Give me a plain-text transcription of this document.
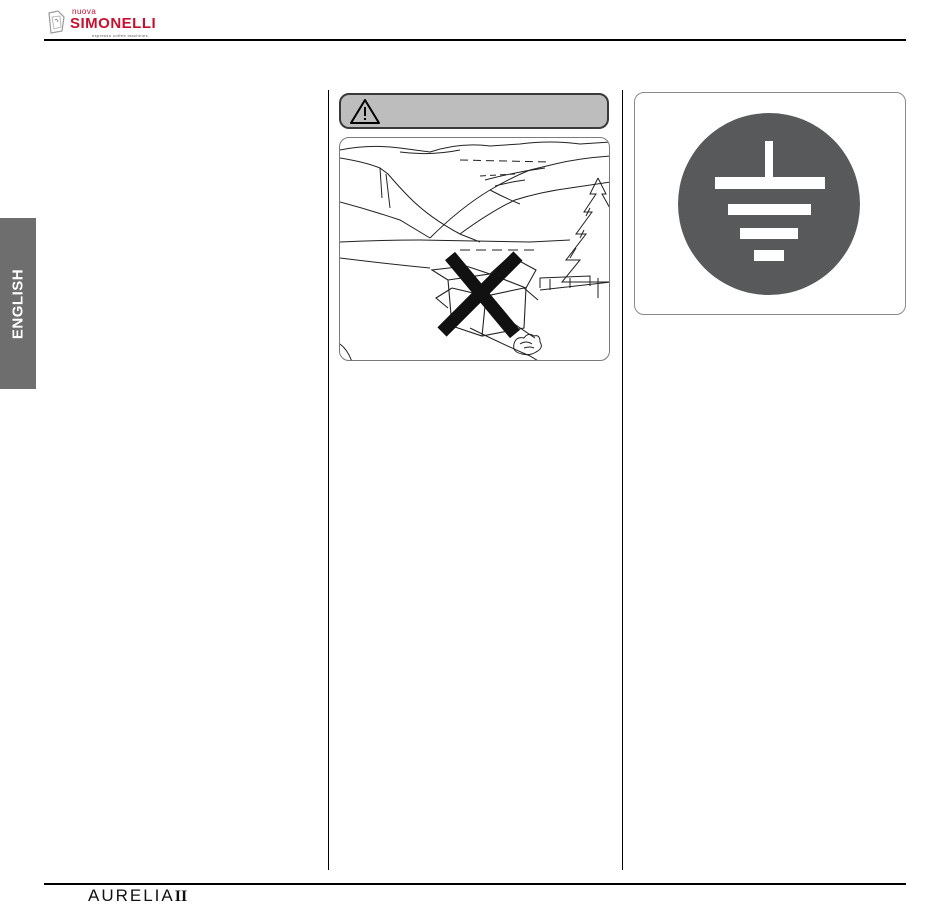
nuova
SIMONELLI
espresso coffee machines
ENGLISH
AURELIAII
